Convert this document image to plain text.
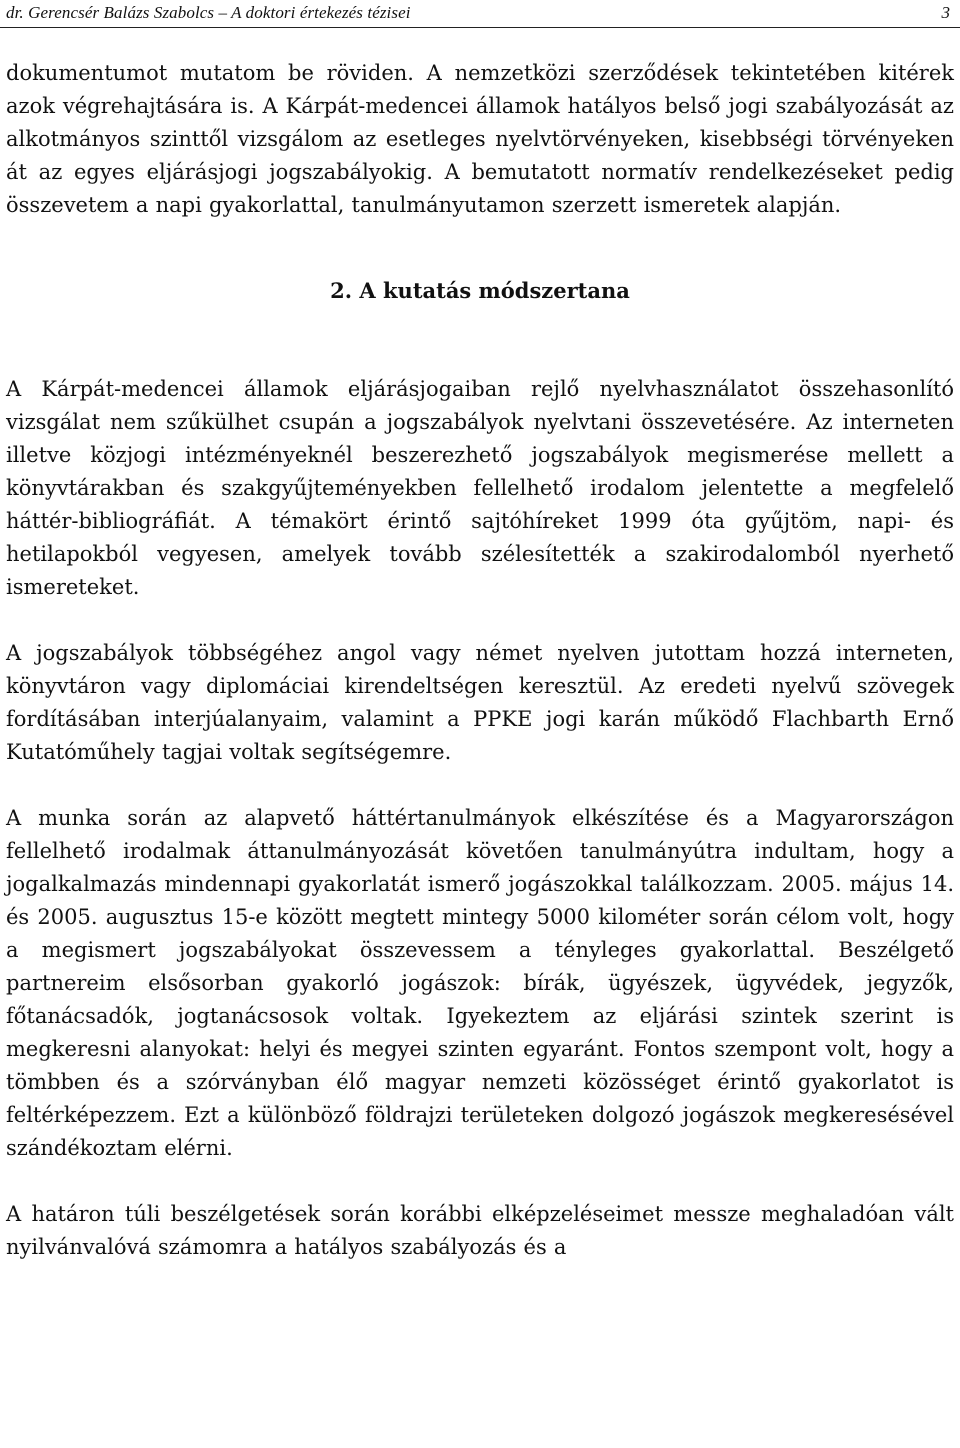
dr. Gerencsér Balázs Szabolcs – A doktori értekezés tézisei	3

dokumentumot mutatom be röviden. A nemzetközi szerződések tekintetében kitérek azok végrehajtására is. A Kárpát-medencei államok hatályos belső jogi szabályozását az alkotmányos szinttől vizsgálom az esetleges nyelvtörvényeken, kisebbségi törvényeken át az egyes eljárásjogi jogszabályokig. A bemutatott normatív rendelkezéseket pedig összevetem a napi gyakorlattal, tanulmányutamon szerzett ismeretek alapján.

2. A kutatás módszertana

A Kárpát-medencei államok eljárásjogaiban rejlő nyelvhasználatot összehasonlító vizsgálat nem szűkülhet csupán a jogszabályok nyelvtani összevetésére. Az interneten illetve közjogi intézményeknél beszerezhető jogszabályok megismerése mellett a könyvtárakban és szakgyűjteményekben fellelhető irodalom jelentette a megfelelő háttér-bibliográfiát. A témakört érintő sajtóhíreket 1999 óta gyűjtöm, napi- és hetilapokból vegyesen, amelyek tovább szélesítették a szakirodalomból nyerhető ismereteket.

A jogszabályok többségéhez angol vagy német nyelven jutottam hozzá interneten, könyvtáron vagy diplomáciai kirendeltségen keresztül. Az eredeti nyelvű szövegek fordításában interjúalanyaim, valamint a PPKE jogi karán működő Flachbarth Ernő Kutatóműhely tagjai voltak segítségemre.

A munka során az alapvető háttértanulmányok elkészítése és a Magyarországon fellelhető irodalmak áttanulmányozását követően tanulmányútra indultam, hogy a jogalkalmazás mindennapi gyakorlatát ismerő jogászokkal találkozzam. 2005. május 14. és 2005. augusztus 15-e között megtett mintegy 5000 kilométer során célom volt, hogy a megismert jogszabályokat összevessem a tényleges gyakorlattal. Beszélgető partnereim elsősorban gyakorló jogászok: bírák, ügyészek, ügyvédek, jegyzők, főtanácsadók, jogtanácsosok voltak. Igyekeztem az eljárási szintek szerint is megkeresni alanyokat: helyi és megyei szinten egyaránt. Fontos szempont volt, hogy a tömbben és a szórványban élő magyar nemzeti közösséget érintő gyakorlatot is feltérképezzem. Ezt a különböző földrajzi területeken dolgozó jogászok megkeresésével szándékoztam elérni.

A határon túli beszélgetések során korábbi elképzeléseimet messze meghaladóan vált nyilvánvalóvá számomra a hatályos szabályozás és a
